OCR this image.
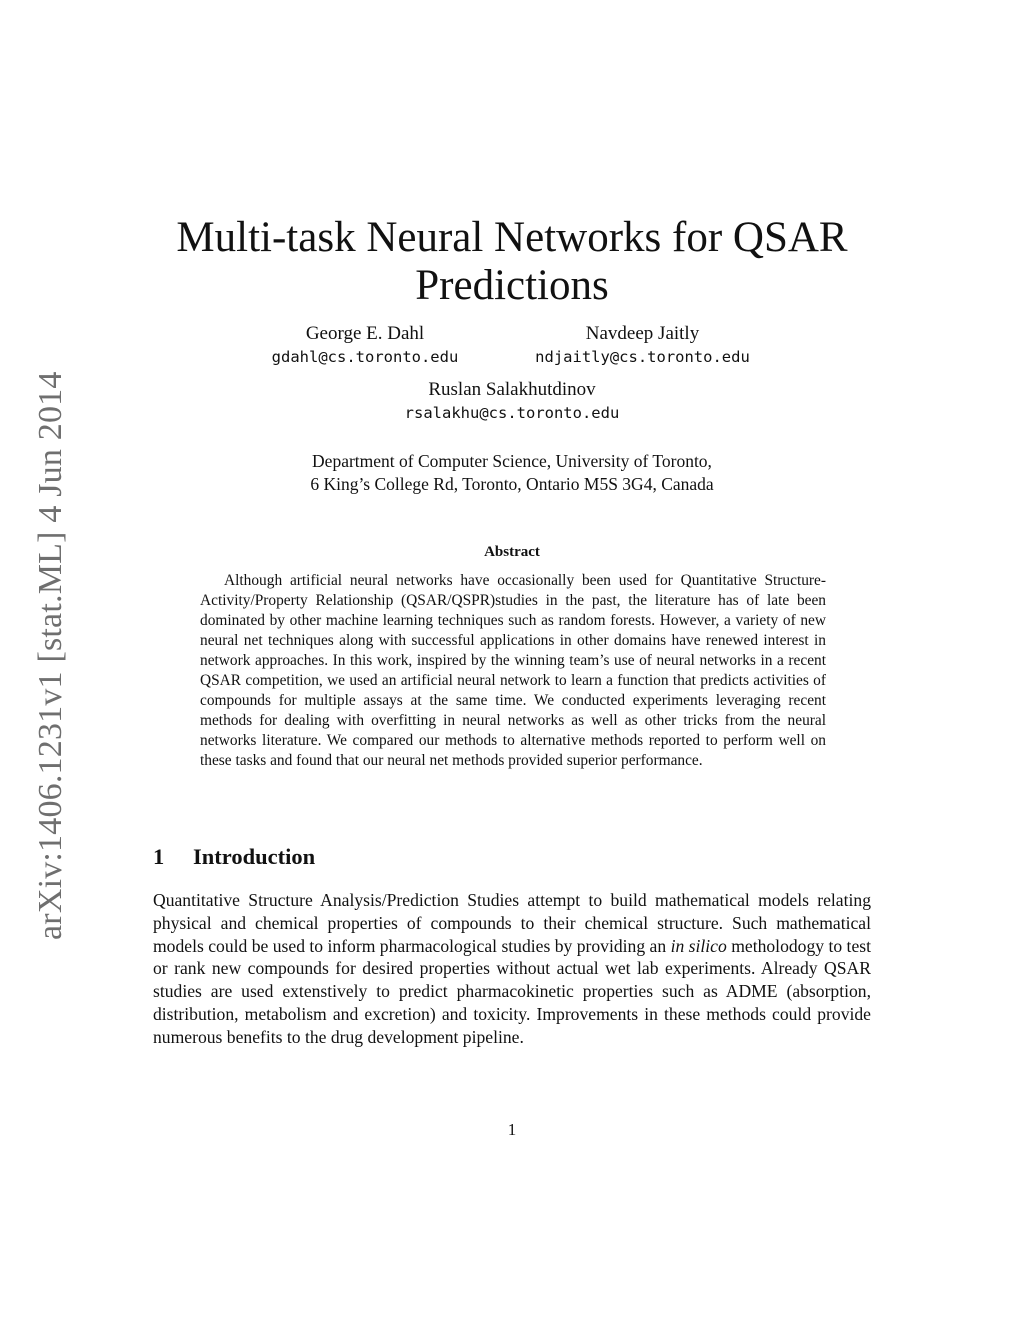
arXiv:1406.1231v1 [stat.ML] 4 Jun 2014
Multi-task Neural Networks for QSAR Predictions
George E. Dahl
gdahl@cs.toronto.edu
Navdeep Jaitly
ndjaitly@cs.toronto.edu
Ruslan Salakhutdinov
rsalakhu@cs.toronto.edu
Department of Computer Science, University of Toronto,
6 King’s College Rd, Toronto, Ontario M5S 3G4, Canada
Abstract

Although artificial neural networks have occasionally been used for Quantitative Structure-Activity/Property Relationship (QSAR/QSPR)studies in the past, the literature has of late been dominated by other machine learning techniques such as random forests. However, a variety of new neural net techniques along with successful applications in other domains have renewed interest in network approaches. In this work, inspired by the winning team’s use of neural networks in a recent QSAR competition, we used an artificial neural network to learn a function that predicts activities of compounds for multiple assays at the same time. We conducted experiments leveraging recent methods for dealing with overfitting in neural networks as well as other tricks from the neural networks literature. We compared our methods to alternative methods reported to perform well on these tasks and found that our neural net methods provided superior performance.

1 Introduction

Quantitative Structure Analysis/Prediction Studies attempt to build mathematical models relating physical and chemical properties of compounds to their chemical structure. Such mathematical models could be used to inform pharmacological studies by providing an in silico metholodogy to test or rank new compounds for desired properties without actual wet lab experiments. Already QSAR studies are used extenstively to predict pharmacokinetic properties such as ADME (absorption, distribution, metabolism and excretion) and toxicity. Improvements in these methods could provide numerous benefits to the drug development pipeline.

1
